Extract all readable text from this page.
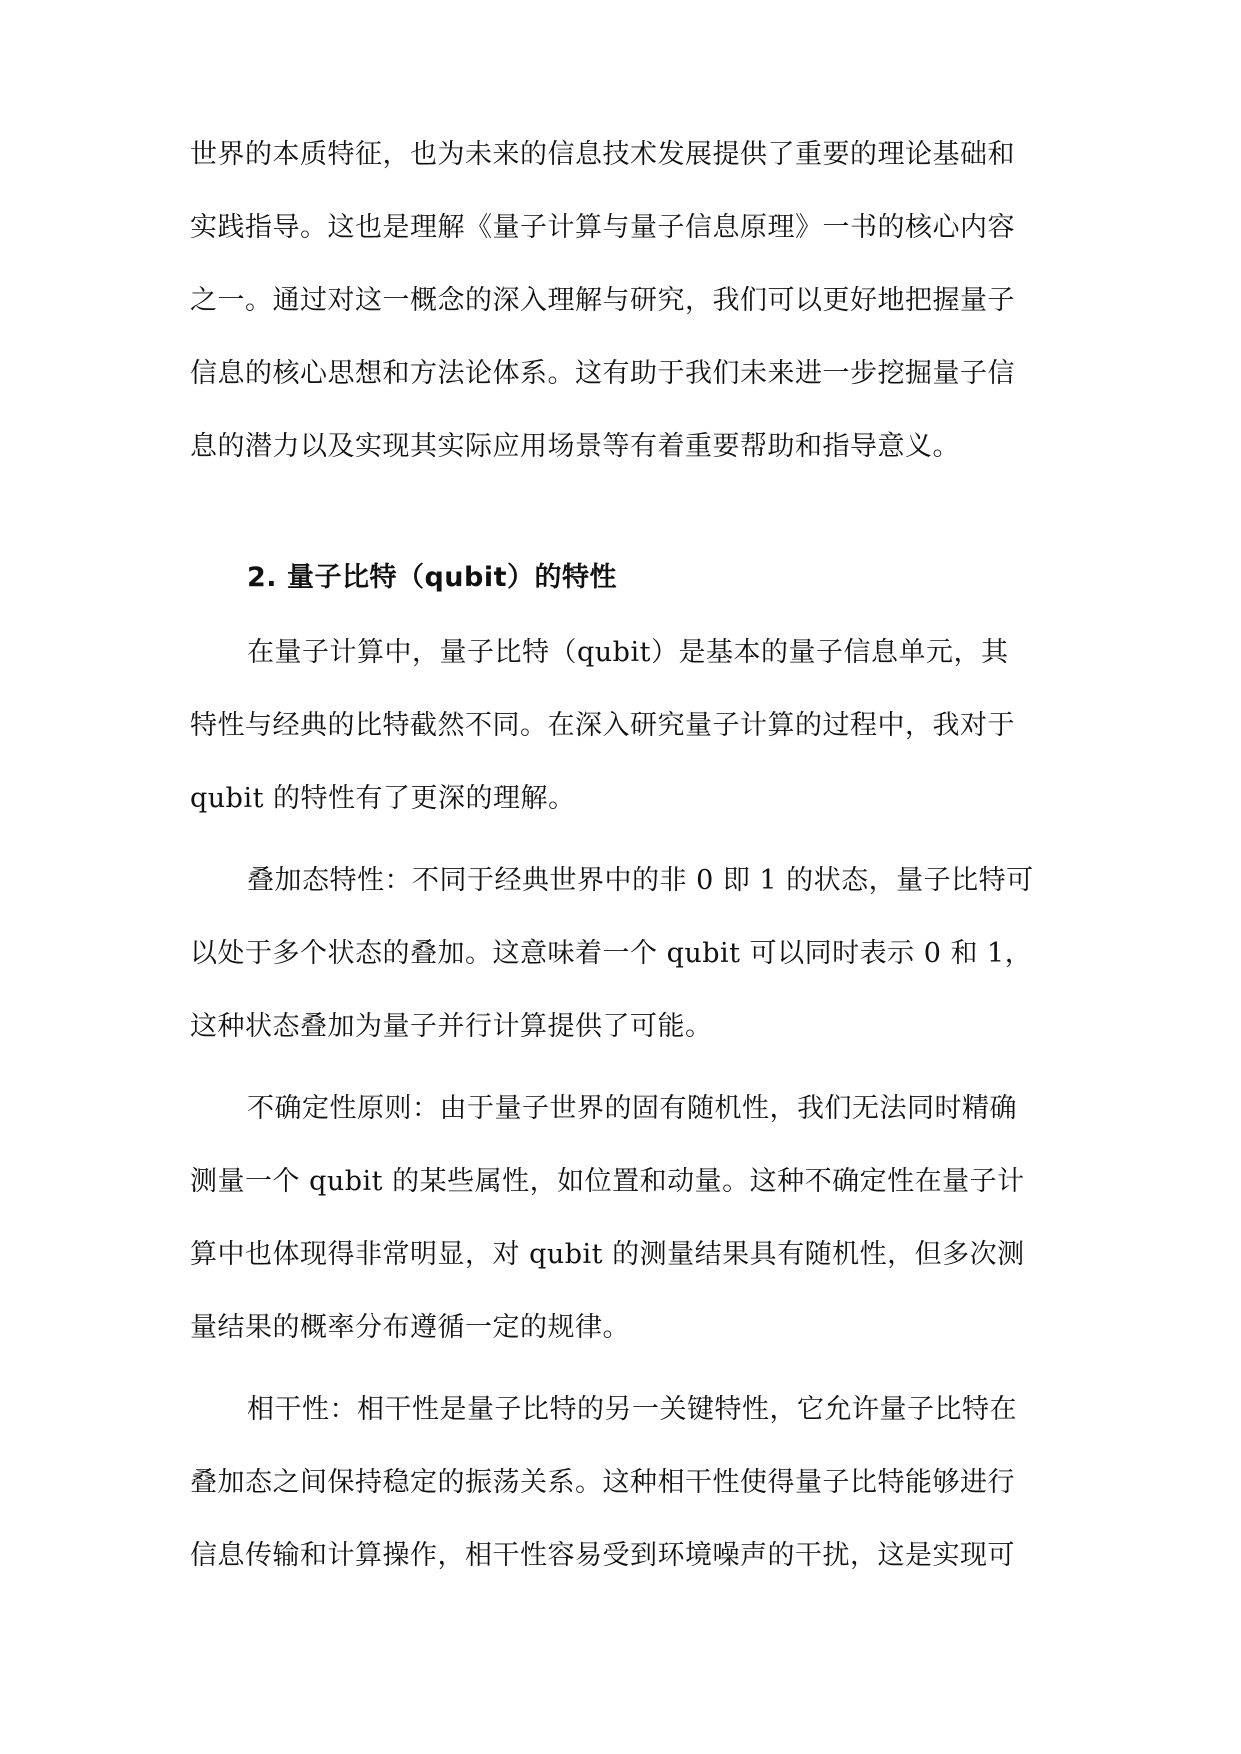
世界的本质特征，也为未来的信息技术发展提供了重要的理论基础和
实践指导。这也是理解《量子计算与量子信息原理》一书的核心内容
之一。通过对这一概念的深入理解与研究，我们可以更好地把握量子
信息的核心思想和方法论体系。这有助于我们未来进一步挖掘量子信
息的潜力以及实现其实际应用场景等有着重要帮助和指导意义。
2. 量子比特（qubit）的特性
在量子计算中，量子比特（qubit）是基本的量子信息单元，其
特性与经典的比特截然不同。在深入研究量子计算的过程中，我对于
qubit 的特性有了更深的理解。
叠加态特性：不同于经典世界中的非 0 即 1 的状态，量子比特可
以处于多个状态的叠加。这意味着一个 qubit 可以同时表示 0 和 1，
这种状态叠加为量子并行计算提供了可能。
不确定性原则：由于量子世界的固有随机性，我们无法同时精确
测量一个 qubit 的某些属性，如位置和动量。这种不确定性在量子计
算中也体现得非常明显，对 qubit 的测量结果具有随机性，但多次测
量结果的概率分布遵循一定的规律。
相干性：相干性是量子比特的另一关键特性，它允许量子比特在
叠加态之间保持稳定的振荡关系。这种相干性使得量子比特能够进行
信息传输和计算操作，相干性容易受到环境噪声的干扰，这是实现可
